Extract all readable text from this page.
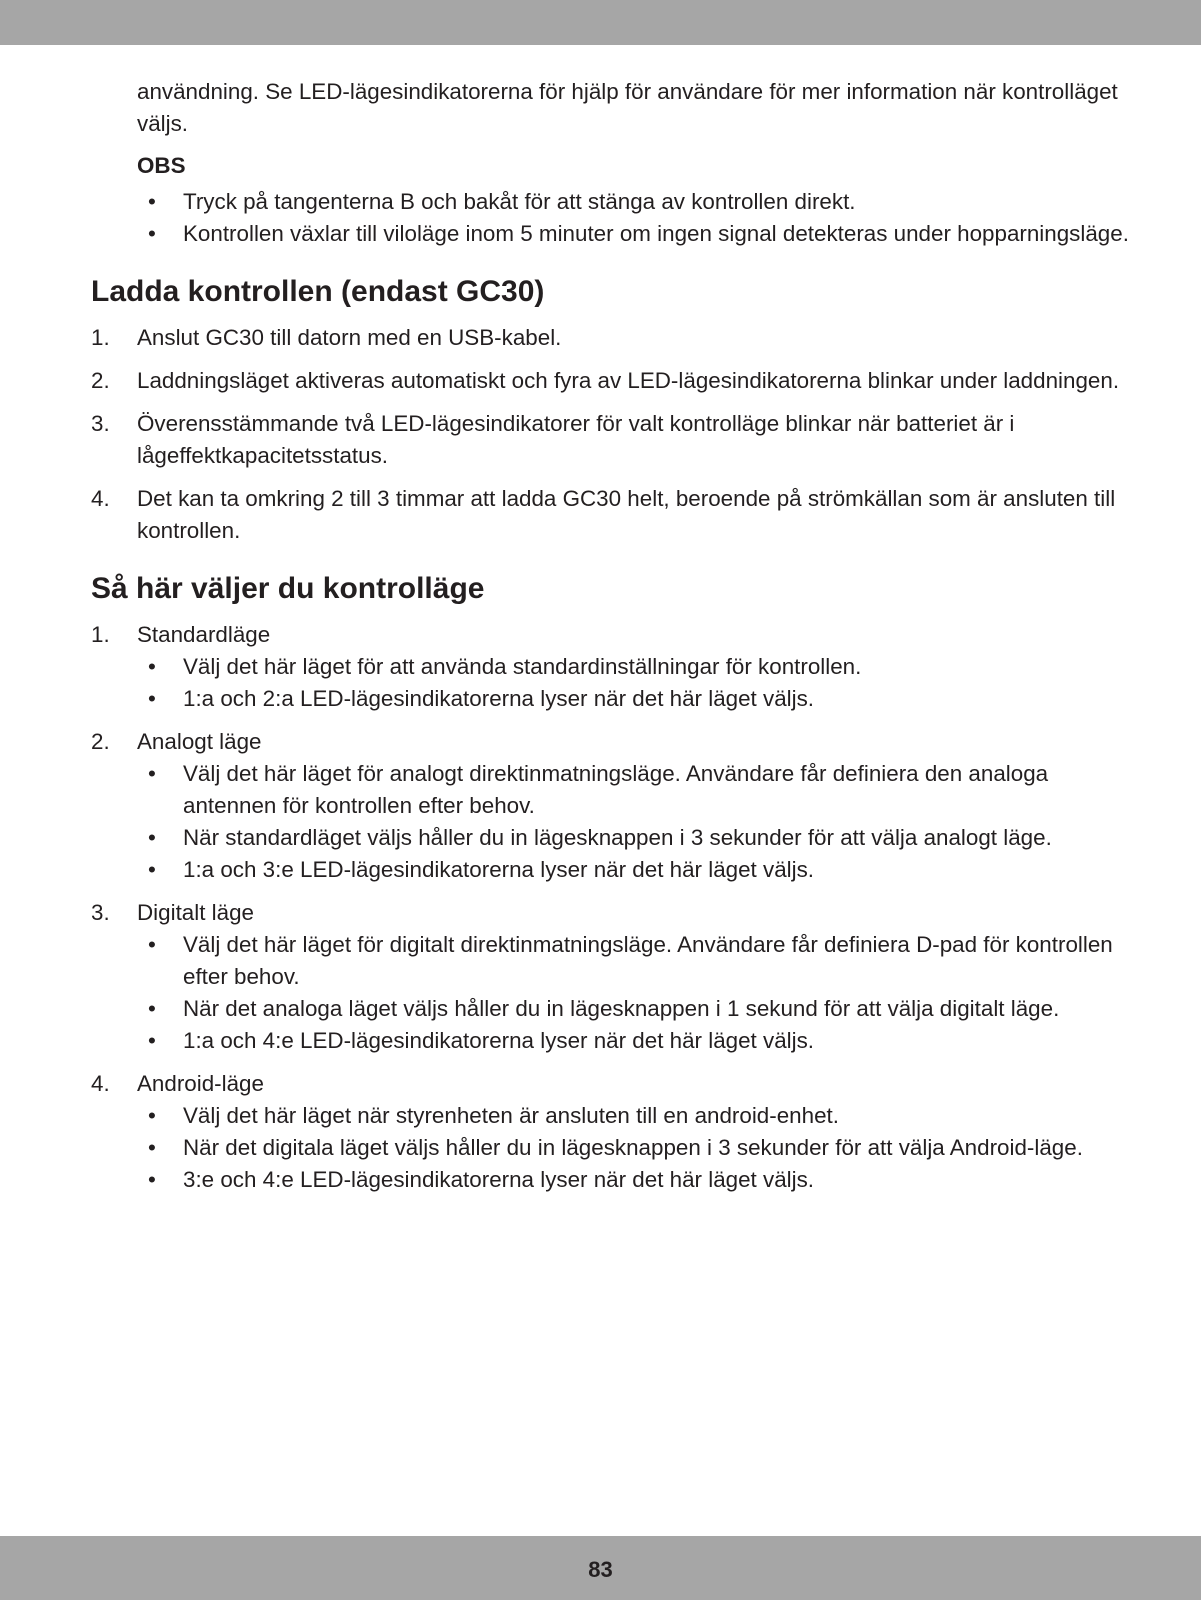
användning. Se LED-lägesindikatorerna för hjälp för användare för mer information när kontrolläget väljs.

OBS

• Tryck på tangenterna B och bakåt för att stänga av kontrollen direkt.
• Kontrollen växlar till viloläge inom 5 minuter om ingen signal detekteras under hopparningsläge.
Ladda kontrollen (endast GC30)
1. Anslut GC30 till datorn med en USB-kabel.
2. Laddningsläget aktiveras automatiskt och fyra av LED-lägesindikatorerna blinkar under laddningen.
3. Överensstämmande två LED-lägesindikatorer för valt kontrolläge blinkar när batteriet är i lågeffektkapacitetsstatus.
4. Det kan ta omkring 2 till 3 timmar att ladda GC30 helt, beroende på strömkällan som är ansluten till kontrollen.
Så här väljer du kontrolläge
1. Standardläge

• Välj det här läget för att använda standardinställningar för kontrollen.
• 1:a och 2:a LED-lägesindikatorerna lyser när det här läget väljs.
2. Analogt läge

• Välj det här läget för analogt direktinmatningsläge. Användare får definiera den analoga antennen för kontrollen efter behov.
• När standardläget väljs håller du in lägesknappen i 3 sekunder för att välja analogt läge.
• 1:a och 3:e LED-lägesindikatorerna lyser när det här läget väljs.
3. Digitalt läge

• Välj det här läget för digitalt direktinmatningsläge. Användare får definiera D-pad för kontrollen efter behov.
• När det analoga läget väljs håller du in lägesknappen i 1 sekund för att välja digitalt läge.
• 1:a och 4:e LED-lägesindikatorerna lyser när det här läget väljs.
4. Android-läge

• Välj det här läget när styrenheten är ansluten till en android-enhet.
• När det digitala läget väljs håller du in lägesknappen i 3 sekunder för att välja Android-läge.
• 3:e och 4:e LED-lägesindikatorerna lyser när det här läget väljs.
83
